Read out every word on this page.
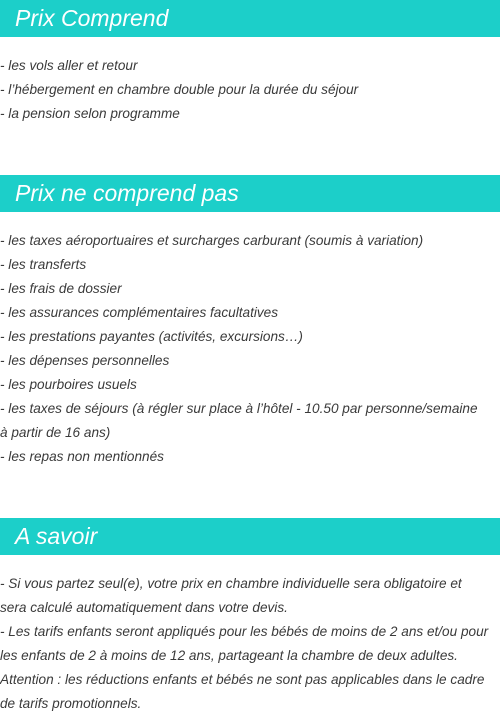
Prix Comprend
- les vols aller et retour
- l’hébergement en chambre double pour la durée du séjour
- la pension selon programme
Prix ne comprend pas
- les taxes aéroportuaires et surcharges carburant (soumis à variation)
- les transferts
- les frais de dossier
- les assurances complémentaires facultatives
- les prestations payantes (activités, excursions…)
- les dépenses personnelles
- les pourboires usuels
- les taxes de séjours (à régler sur place à l’hôtel - 10.50 par personne/semaine
à partir de 16 ans)
- les repas non mentionnés
A savoir
- Si vous partez seul(e), votre prix en chambre individuelle sera obligatoire et
sera calculé automatiquement dans votre devis.
- Les tarifs enfants seront appliqués pour les bébés de moins de 2 ans et/ou pour
les enfants de 2 à moins de 12 ans, partageant la chambre de deux adultes.
Attention : les réductions enfants et bébés ne sont pas applicables dans le cadre
de tarifs promotionnels.
